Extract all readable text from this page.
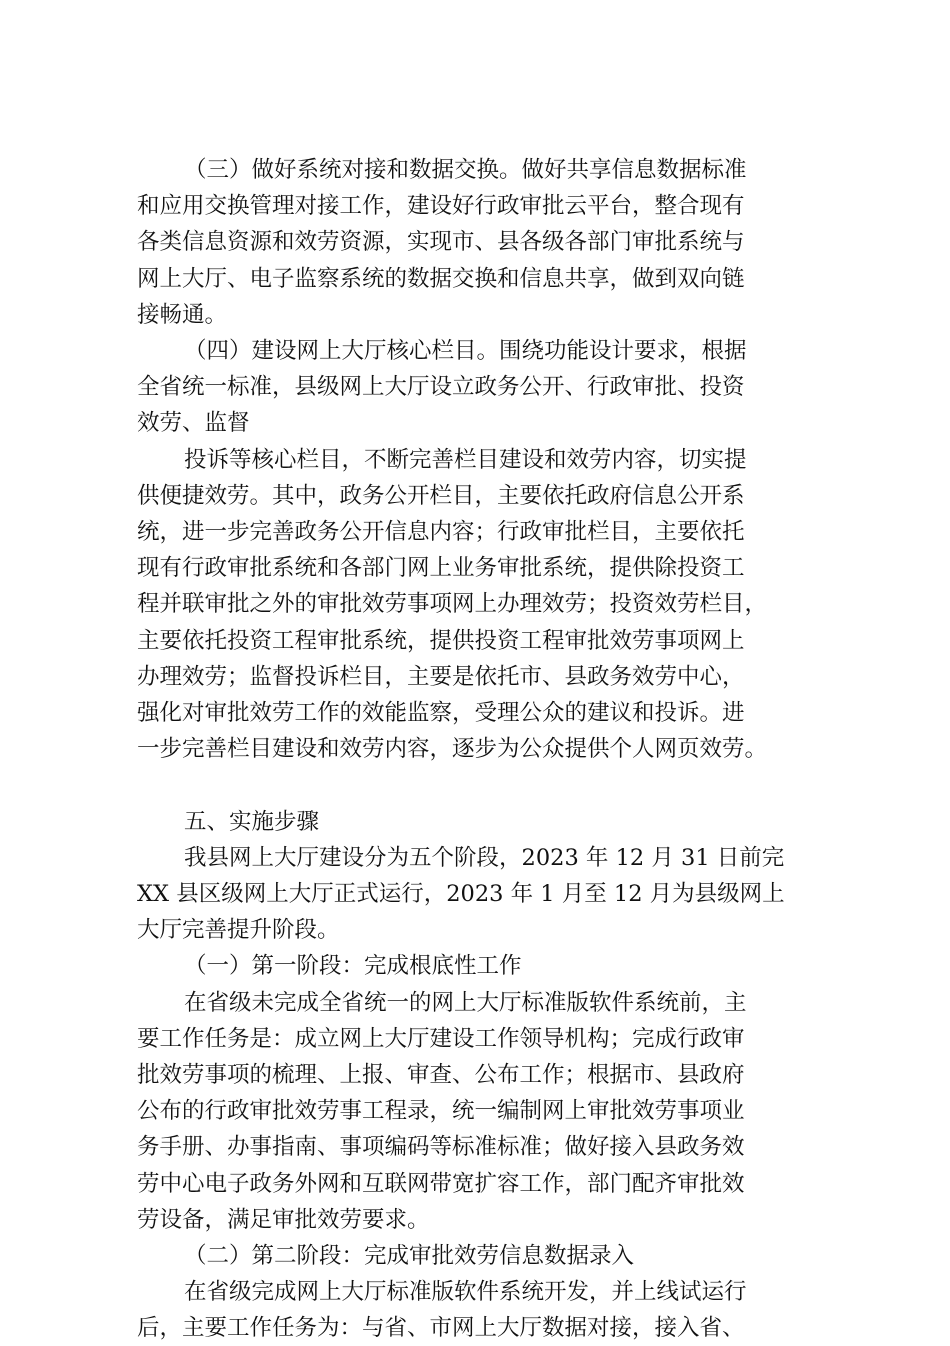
（三）做好系统对接和数据交换。做好共享信息数据标准
和应用交换管理对接工作，建设好行政审批云平台，整合现有
各类信息资源和效劳资源，实现市、县各级各部门审批系统与
网上大厅、电子监察系统的数据交换和信息共享，做到双向链
接畅通。
（四）建设网上大厅核心栏目。围绕功能设计要求，根据
全省统一标准，县级网上大厅设立政务公开、行政审批、投资
效劳、监督
投诉等核心栏目，不断完善栏目建设和效劳内容，切实提
供便捷效劳。其中，政务公开栏目，主要依托政府信息公开系
统，进一步完善政务公开信息内容；行政审批栏目，主要依托
现有行政审批系统和各部门网上业务审批系统，提供除投资工
程并联审批之外的审批效劳事项网上办理效劳；投资效劳栏目，
主要依托投资工程审批系统，提供投资工程审批效劳事项网上
办理效劳；监督投诉栏目，主要是依托市、县政务效劳中心，
强化对审批效劳工作的效能监察，受理公众的建议和投诉。进
一步完善栏目建设和效劳内容，逐步为公众提供个人网页效劳。
五、实施步骤
我县网上大厅建设分为五个阶段，2023 年 12 月 31 日前完
XX 县区级网上大厅正式运行，2023 年 1 月至 12 月为县级网上
大厅完善提升阶段。
（一）第一阶段：完成根底性工作
在省级未完成全省统一的网上大厅标准版软件系统前，主
要工作任务是：成立网上大厅建设工作领导机构；完成行政审
批效劳事项的梳理、上报、审查、公布工作；根据市、县政府
公布的行政审批效劳事工程录，统一编制网上审批效劳事项业
务手册、办事指南、事项编码等标准标准；做好接入县政务效
劳中心电子政务外网和互联网带宽扩容工作，部门配齐审批效
劳设备，满足审批效劳要求。
（二）第二阶段：完成审批效劳信息数据录入
在省级完成网上大厅标准版软件系统开发，并上线试运行
后，主要工作任务为：与省、市网上大厅数据对接，接入省、
